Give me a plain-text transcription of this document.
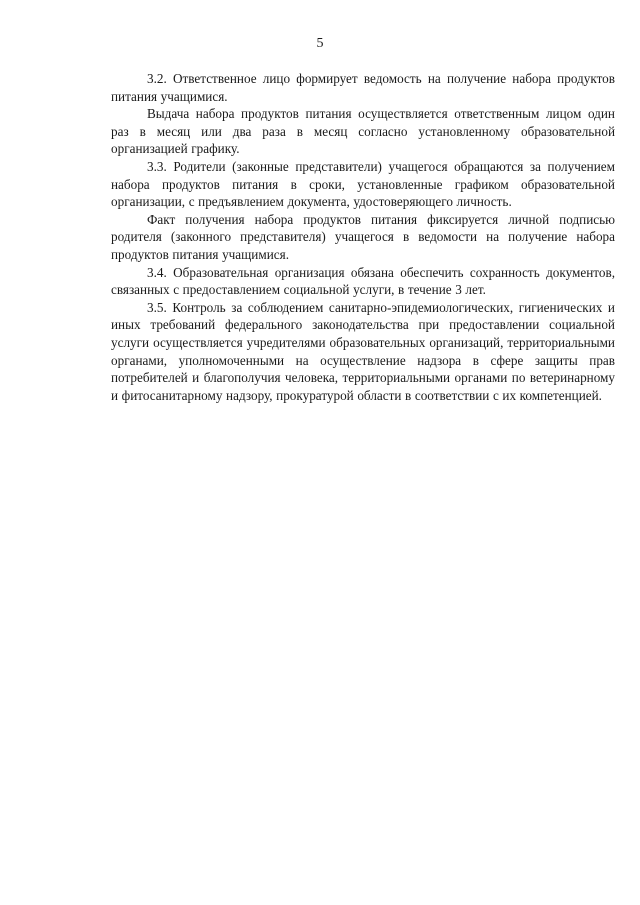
5

3.2. Ответственное лицо формирует ведомость на получение набора продуктов питания учащимися.

Выдача набора продуктов питания осуществляется ответственным лицом один раз в месяц или два раза в месяц согласно установленному образовательной организацией графику.

3.3. Родители (законные представители) учащегося обращаются за получением набора продуктов питания в сроки, установленные графиком образовательной организации, с предъявлением документа, удостоверяющего личность.

Факт получения набора продуктов питания фиксируется личной подписью родителя (законного представителя) учащегося в ведомости на получение набора продуктов питания учащимися.

3.4. Образовательная организация обязана обеспечить сохранность документов, связанных с предоставлением социальной услуги, в течение 3 лет.

3.5. Контроль за соблюдением санитарно-эпидемиологических, гигиенических и иных требований федерального законодательства при предоставлении социальной услуги осуществляется учредителями образовательных организаций, территориальными органами, уполномоченными на осуществление надзора в сфере защиты прав потребителей и благополучия человека, территориальными органами по ветеринарному и фитосанитарному надзору, прокуратурой области в соответствии с их компетенцией.
